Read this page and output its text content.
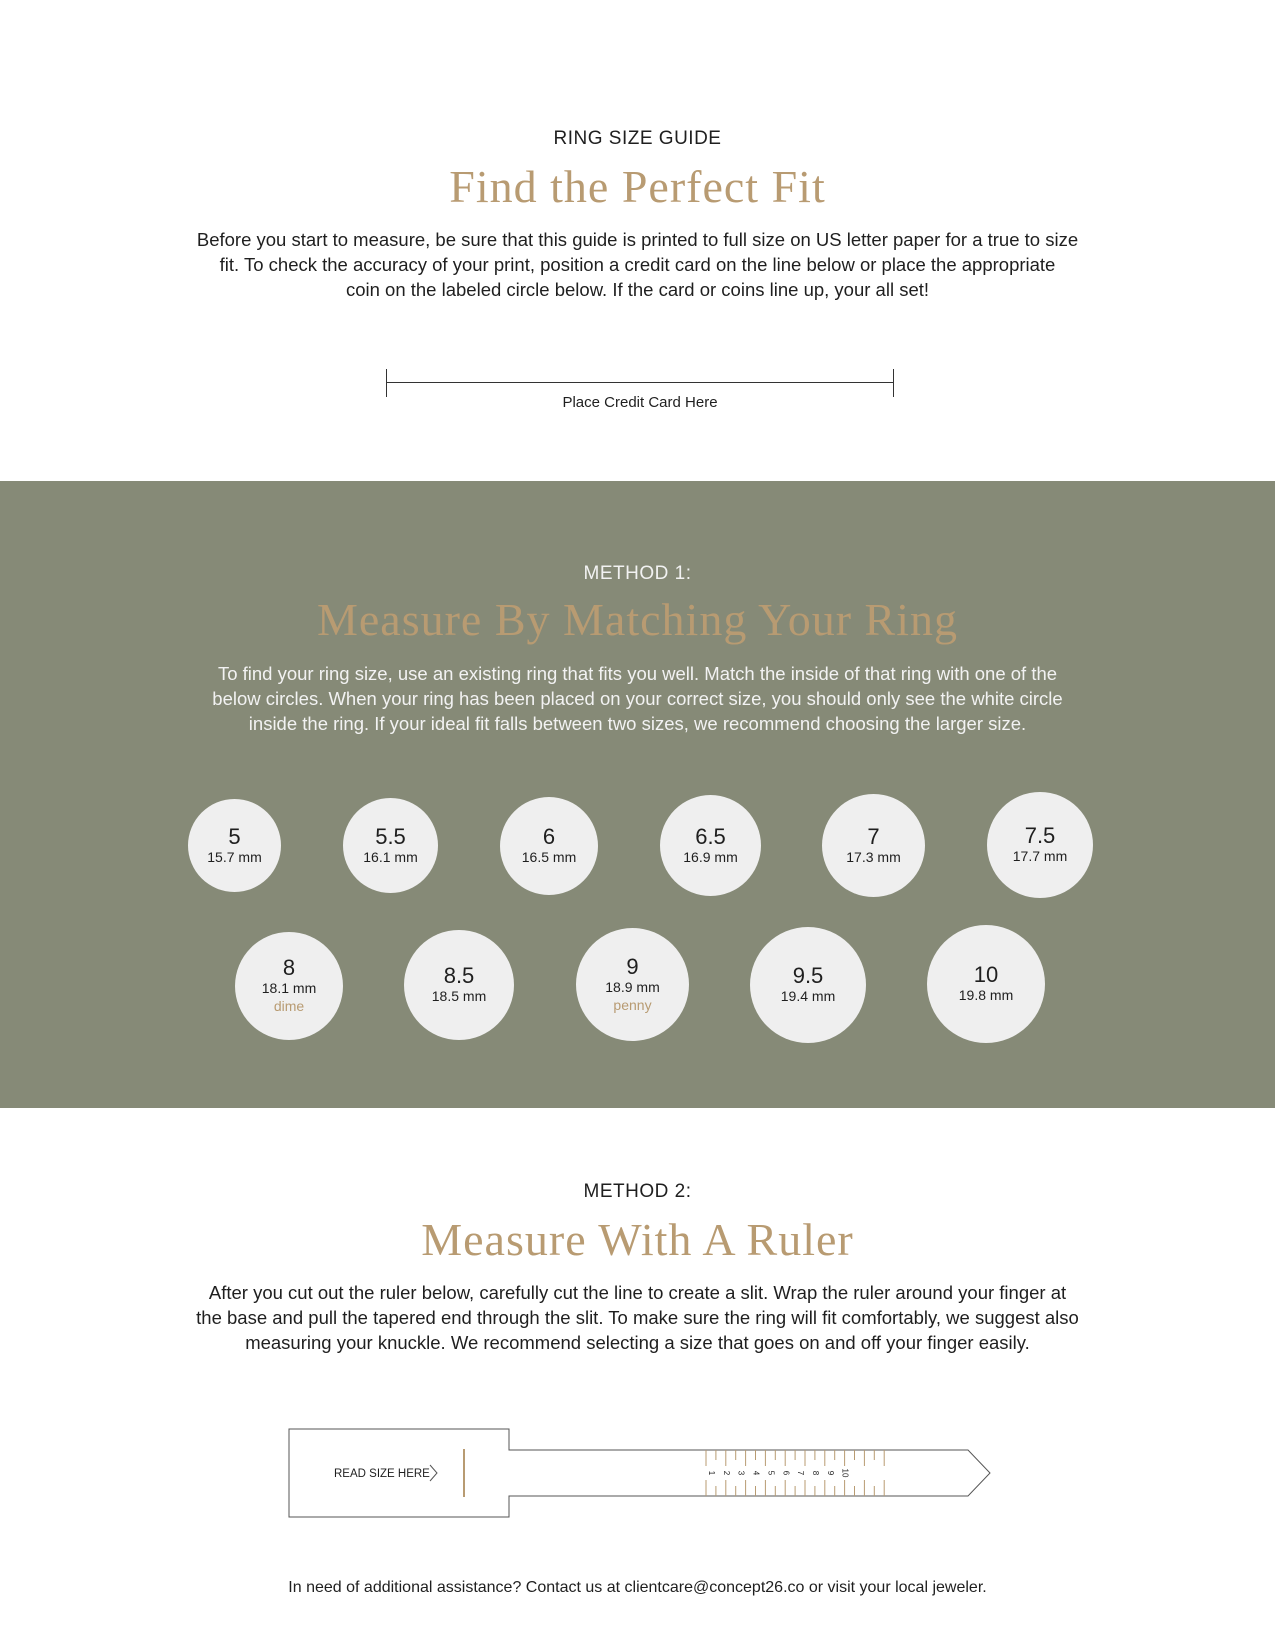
RING SIZE GUIDE
Find the Perfect Fit
Before you start to measure, be sure that this guide is printed to full size on US letter paper for a true to size
fit. To check the accuracy of your print, position a credit card on the line below or place the appropriate
coin on the labeled circle below. If the card or coins line up, your all set!
Place Credit Card Here
METHOD 1:
Measure By Matching Your Ring
To find your ring size, use an existing ring that fits you well. Match the inside of that ring with one of the
below circles. When your ring has been placed on your correct size, you should only see the white circle
inside the ring. If your ideal fit falls between two sizes, we recommend choosing the larger size.
5
15.7 mm
5.5
16.1 mm
6
16.5 mm
6.5
16.9 mm
7
17.3 mm
7.5
17.7 mm
8
18.1 mm
dime
8.5
18.5 mm
9
18.9 mm
penny
9.5
19.4 mm
10
19.8 mm
METHOD 2:
Measure With A Ruler
After you cut out the ruler below, carefully cut the line to create a slit. Wrap the ruler around your finger at
the base and pull the tapered end through the slit. To make sure the ring will fit comfortably, we suggest also
measuring your knuckle. We recommend selecting a size that goes on and off your finger easily.
READ SIZE HERE	1 2 3 4 5 6 7 8 9 10
In need of additional assistance? Contact us at clientcare@concept26.co or visit your local jeweler.
